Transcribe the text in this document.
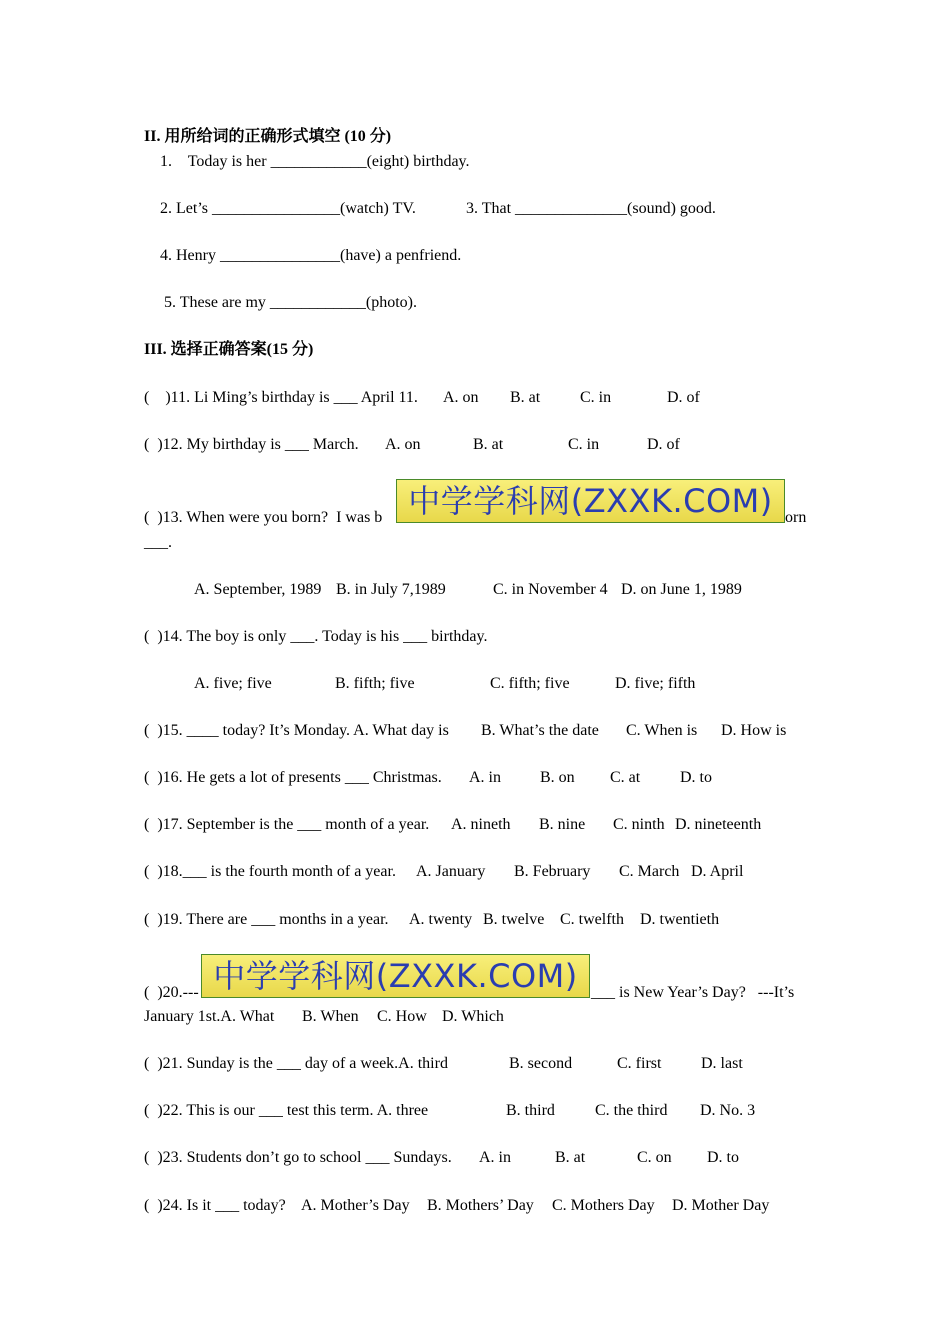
II. 用所给词的正确形式填空 (10 分)
1.    Today is her ____________(eight) birthday.
2. Let’s ________________(watch) TV.	3. That ______________(sound) good.
4. Henry _______________(have) a penfriend.
5. These are my ____________(photo).
III. 选择正确答案(15 分)
(    )11. Li Ming’s birthday is ___ April 11. A. on B. at C. in	D. of
(  )12. My birthday is ___ March. A. on	B. at	C. in	D. of
(  )13. When were you born?  I was b	orn
___.
A. September, 1989 B. in July 7,1989	C. in November 4 D. on June 1, 1989
中学学科网(ZXXK.COM)
(  )14. The boy is only ___. Today is his ___ birthday.
A. five; five	B. fifth; five	C. fifth; five	D. five; fifth
(  )15. ____ today? It’s Monday. A. What day is B. What’s the date C. When is D. How is
(  )16. He gets a lot of presents ___ Christmas. A. in B. on C. at D. to
(  )17. September is the ___ month of a year. A. nineth B. nine C. ninth D. nineteenth
(  )18.___ is the fourth month of a year. A. January B. February C. March D. April
(  )19. There are ___ months in a year. A. twenty B. twelve C. twelfth D. twentieth
(  )20.---	___ is New Year’s Day?   ---It’s
January 1st.A. What B. When C. How D. Which
中学学科网(ZXXK.COM)
(  )21. Sunday is the ___ day of a week.A. third	B. second	C. first D. last
(  )22. This is our ___ test this term. A. three	B. third	C. the third D. No. 3
(  )23. Students don’t go to school ___ Sundays. A. in	B. at	C. on D. to
(  )24. Is it ___ today? A. Mother’s Day B. Mothers’ Day C. Mothers Day D. Mother Day
